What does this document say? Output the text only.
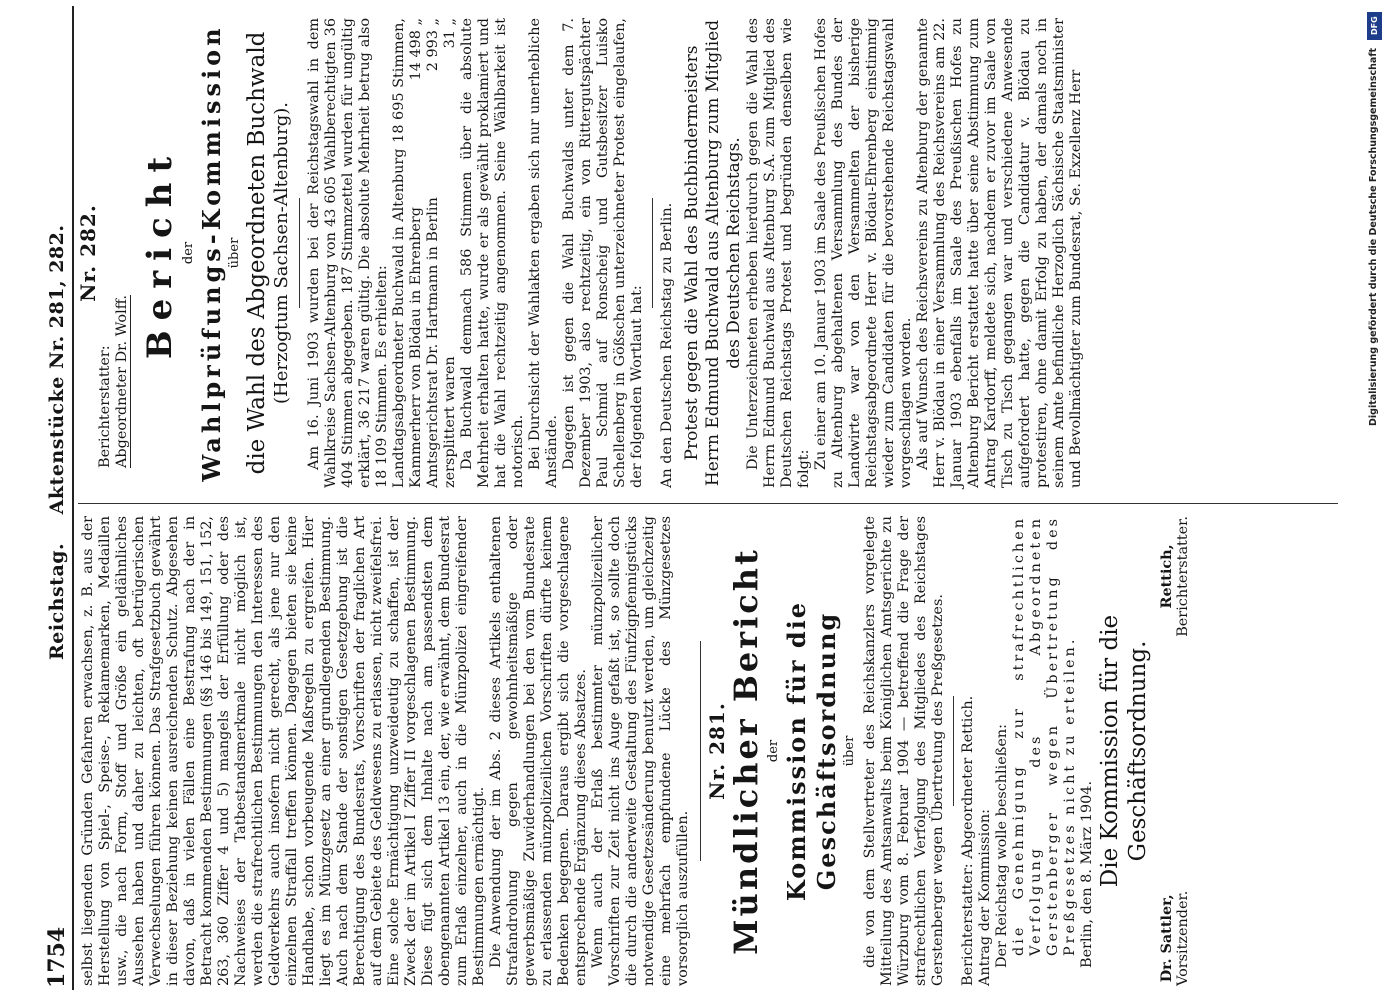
1754
Reichstag.    Aktenstücke Nr. 281, 282.

selbst liegenden Gründen Gefahren erwachsen, z. B. aus der Herstellung von Spiel-, Speise-, Reklamemarken, Medaillen usw., die nach Form, Stoff und Größe ein geldähnliches Aussehen haben und daher zu leichten, oft betrügerischen Verwechselungen führen können. Das Strafgesetzbuch gewährt in dieser Beziehung keinen ausreichenden Schutz. Abgesehen davon, daß in vielen Fällen eine Bestrafung nach der in Betracht kommenden Bestimmungen (§§ 146 bis 149, 151, 152, 263, 360 Ziffer 4 und 5) mangels der Erfüllung oder des Nachweises der Tatbestandsmerkmale nicht möglich ist, werden die strafrechtlichen Bestimmungen den Interessen des Geldverkehrs auch insofern nicht gerecht, als jene nur den einzelnen Straffall treffen können. Dagegen bieten sie keine Handhabe, schon vorbeugende Maßregeln zu ergreifen. Hier liegt es im Münzgesetz an einer grundlegenden Bestimmung. Auch nach dem Stande der sonstigen Gesetzgebung ist die Berechtigung des Bundesrats, Vorschriften der fraglichen Art auf dem Gebiete des Geldwesens zu erlassen, nicht zweifelsfrei. Eine solche Ermächtigung unzweideutig zu schaffen, ist der Zweck der im Artikel I Ziffer II vorgeschlagenen Bestimmung. Diese fügt sich dem Inhalte nach am passendsten dem obengenannten Artikel 13 ein, der, wie erwähnt, dem Bundesrat zum Erlaß einzelner, auch in die Münzpolizei eingreifender Bestimmungen ermächtigt. Die Anwendung der im Abs. 2 dieses Artikels enthaltenen Strafandrohung gegen gewohnheitsmäßige oder gewerbsmäßige Zuwiderhandlungen bei den vom Bundesrate zu erlassenden münzpolizeilichen Vorschriften dürfte keinem Bedenken begegnen. Daraus ergibt sich die vorgeschlagene entsprechende Ergänzung dieses Absatzes. Wenn auch der Erlaß bestimmter münzpolizeilicher Vorschriften zur Zeit nicht ins Auge gefaßt ist, so sollte doch die durch die anderweite Gestaltung des Fünfzigpfennigstücks notwendige Gesetzesänderung benutzt werden, um gleichzeitig eine mehrfach empfundene Lücke des Münzgesetzes vorsorglich auszufüllen.

Nr. 281.

Mündlicher Bericht der Kommission für die Geschäftsordnung über die von dem Stellvertreter des Reichskanzlers vorgelegte Mitteilung des Amtsanwalts beim Königlichen Amtsgerichte zu Würzburg vom 8. Februar 1904 — betreffend die Frage der strafrechtlichen Verfolgung des Mitgliedes des Reichstages Gerstenberger wegen Übertretung des Preßgesetzes. Berichterstatter: Abgeordneter Rettich. Antrag der Kommission: Der Reichstag wolle beschließen: die Genehmigung zur strafrechtlichen Verfolgung des Abgeordneten Gerstenberger wegen Übertretung des Preßgesetzes nicht zu erteilen. Berlin, den 8. März 1904. Die Kommission für die Geschäftsordnung.

Dr. Sattler, Vorsitzender.
Rettich, Berichterstatter.

Nr. 282.

Berichterstatter: Abgeordneter Dr. Wolff.

Bericht der Wahlprüfungs-Kommission über die Wahl des Abgeordneten Buchwald (Herzogtum Sachsen-Altenburg). Am 16. Juni 1903 wurden bei der Reichstagswahl in dem Wahlkreise Sachsen-Altenburg von 43 605 Wahlberechtigten 36 404 Stimmen abgegeben. 187 Stimmzettel wurden für ungültig erklärt, 36 217 waren gültig. Die absolute Mehrheit betrug also 18 109 Stimmen. Es erhielten: Landtagsabgeordneter Buchwald in Altenburg	18 695 Stimmen,
Kammerherr von Blödau in Ehrenberg	14 498 „
Amtsgerichtsrat Dr. Hartmann in Berlin	2 993 „
zersplittert waren	31 „ Da Buchwald demnach 586 Stimmen über die absolute Mehrheit erhalten hatte, wurde er als gewählt proklamiert und hat die Wahl rechtzeitig angenommen. Seine Wählbarkeit ist notorisch. Bei Durchsicht der Wahlakten ergaben sich nur unerhebliche Anstände. Dagegen ist gegen die Wahl Buchwalds unter dem 7. Dezember 1903, also rechtzeitig, ein von Rittergutspächter Paul Schmid auf Ronscheig und Gutsbesitzer Luisko Schellenberg in Gößschen unterzeichneter Protest eingelaufen, der folgenden Wortlaut hat: An den Deutschen Reichstag zu Berlin. Protest gegen die Wahl des Buchbindermeisters Herrn Edmund Buchwald aus Altenburg zum Mitglied des Deutschen Reichstags. Die Unterzeichneten erheben hierdurch gegen die Wahl des Herrn Edmund Buchwald aus Altenburg S.A. zum Mitglied des Deutschen Reichstags Protest und begründen denselben wie folgt: Zu einer am 10. Januar 1903 im Saale des Preußischen Hofes zu Altenburg abgehaltenen Versammlung des Bundes der Landwirte war von den Versammelten der bisherige Reichstagsabgeordnete Herr v. Blödau-Ehrenberg einstimmig wieder zum Candidaten für die bevorstehende Reichstagswahl vorgeschlagen worden. Als auf Wunsch des Reichsvereins zu Altenburg der genannte Herr v. Blödau in einer Versammlung des Reichsvereins am 22. Januar 1903 ebenfalls im Saale des Preußischen Hofes zu Altenburg Bericht erstattet hatte über seine Abstimmung zum Antrag Kardorff, meldete sich, nachdem er zuvor im Saale von Tisch zu Tisch gegangen war und verschiedene Anwesende aufgefordert hatte, gegen die Candidatur v. Blödau zu protestiren, ohne damit Erfolg zu haben, der damals noch in seinem Amte befindliche Herzoglich Sächsische Staatsminister und Bevollmächtigter zum Bundesrat, Se. Exzellenz Herr

DFG
Digitalisierung gefördert durch die Deutsche Forschungsgemeinschaft
